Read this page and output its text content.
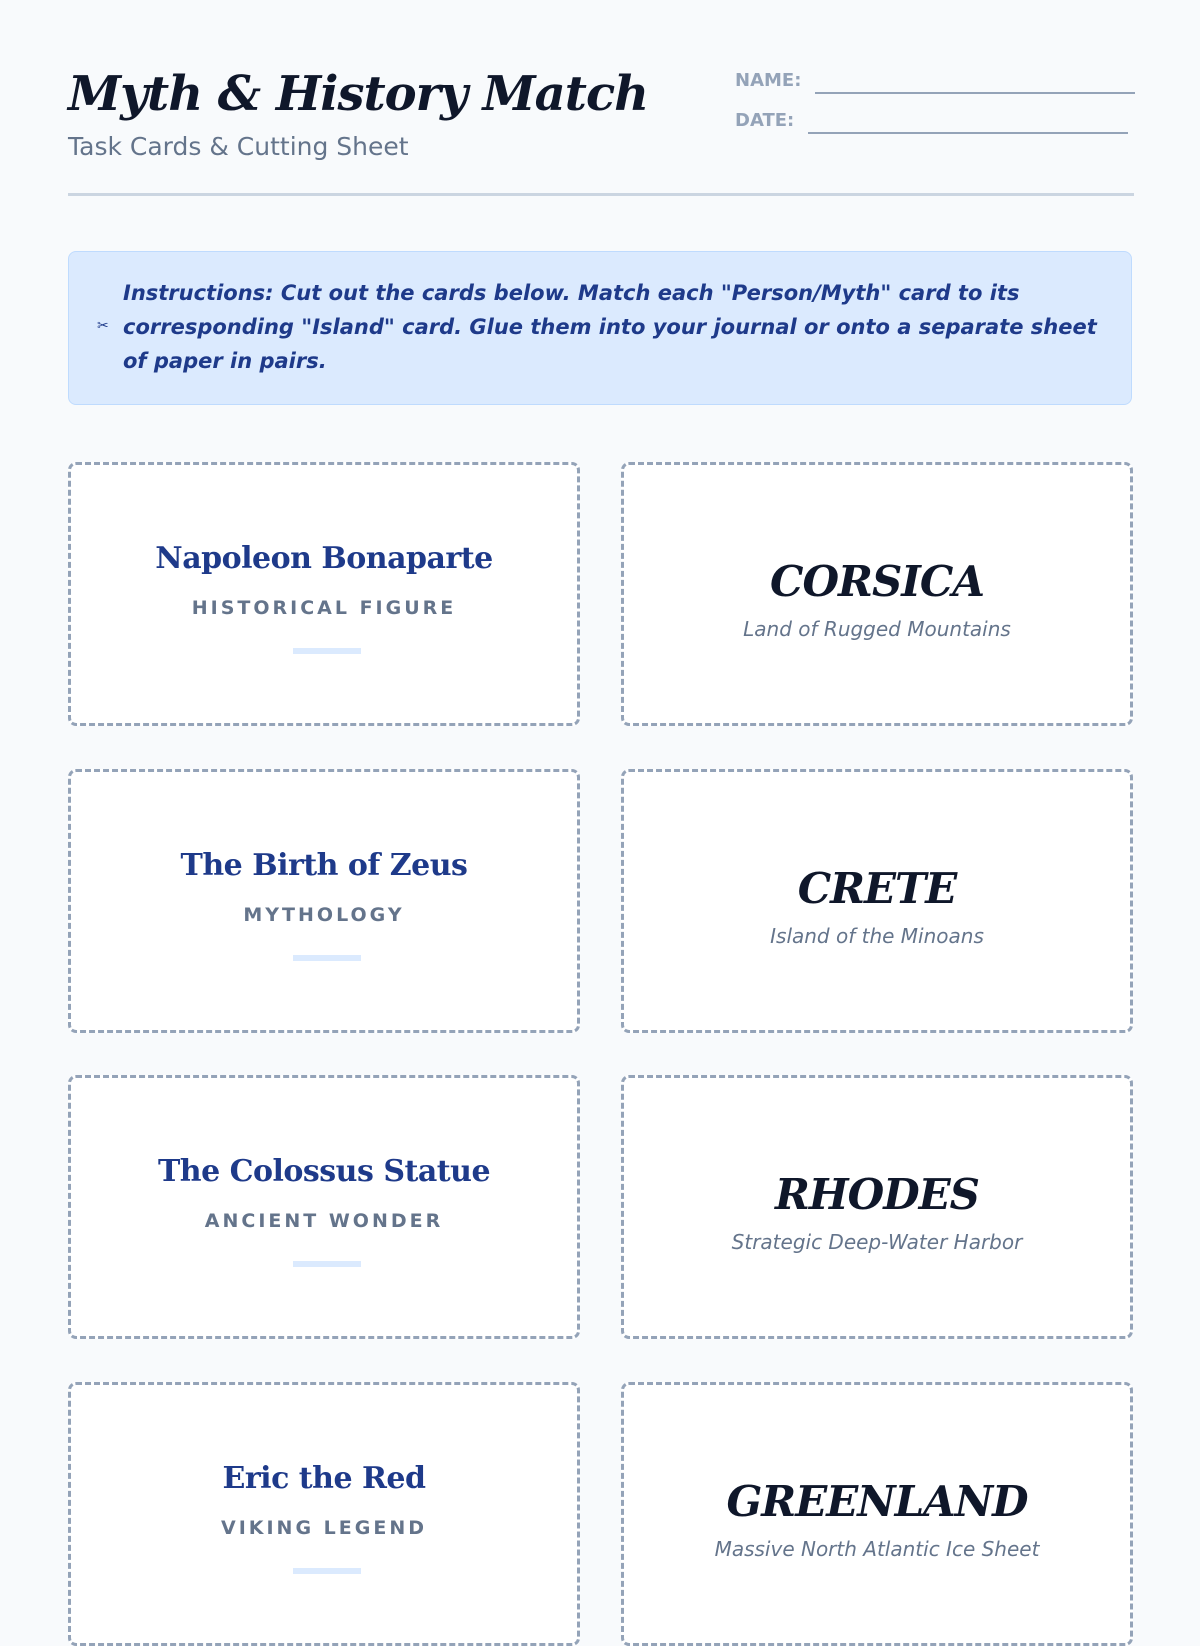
Myth & History Match
Task Cards & Cutting Sheet
NAME:
DATE:
✂
Instructions: Cut out the cards below. Match each "Person/Myth" card to its corresponding "Island" card. Glue them into your journal or onto a separate sheet of paper in pairs.
Napoleon Bonaparte
HISTORICAL FIGURE
CORSICA
Land of Rugged Mountains
The Birth of Zeus
MYTHOLOGY
CRETE
Island of the Minoans
The Colossus Statue
ANCIENT WONDER
RHODES
Strategic Deep-Water Harbor
Eric the Red
VIKING LEGEND
GREENLAND
Massive North Atlantic Ice Sheet
